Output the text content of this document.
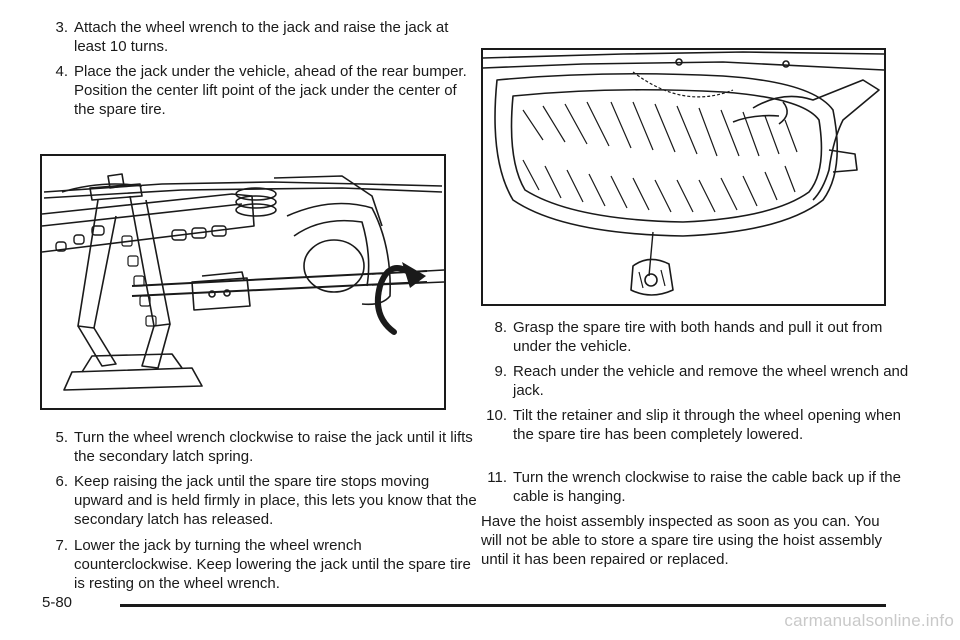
3. Attach the wheel wrench to the jack and raise the jack at least 10 turns.
4. Place the jack under the vehicle, ahead of the rear bumper. Position the center lift point of the jack under the center of the spare tire.
5. Turn the wheel wrench clockwise to raise the jack until it lifts the secondary latch spring.
6. Keep raising the jack until the spare tire stops moving upward and is held firmly in place, this lets you know that the secondary latch has released.
7. Lower the jack by turning the wheel wrench counterclockwise. Keep lowering the jack until the spare tire is resting on the wheel wrench.
8. Grasp the spare tire with both hands and pull it out from under the vehicle.
9. Reach under the vehicle and remove the wheel wrench and jack.
10. Tilt the retainer and slip it through the wheel opening when the spare tire has been completely lowered.
11. Turn the wrench clockwise to raise the cable back up if the cable is hanging.
Have the hoist assembly inspected as soon as you can. You will not be able to store a spare tire using the hoist assembly until it has been repaired or replaced.
5-80
carmanualsonline.info
